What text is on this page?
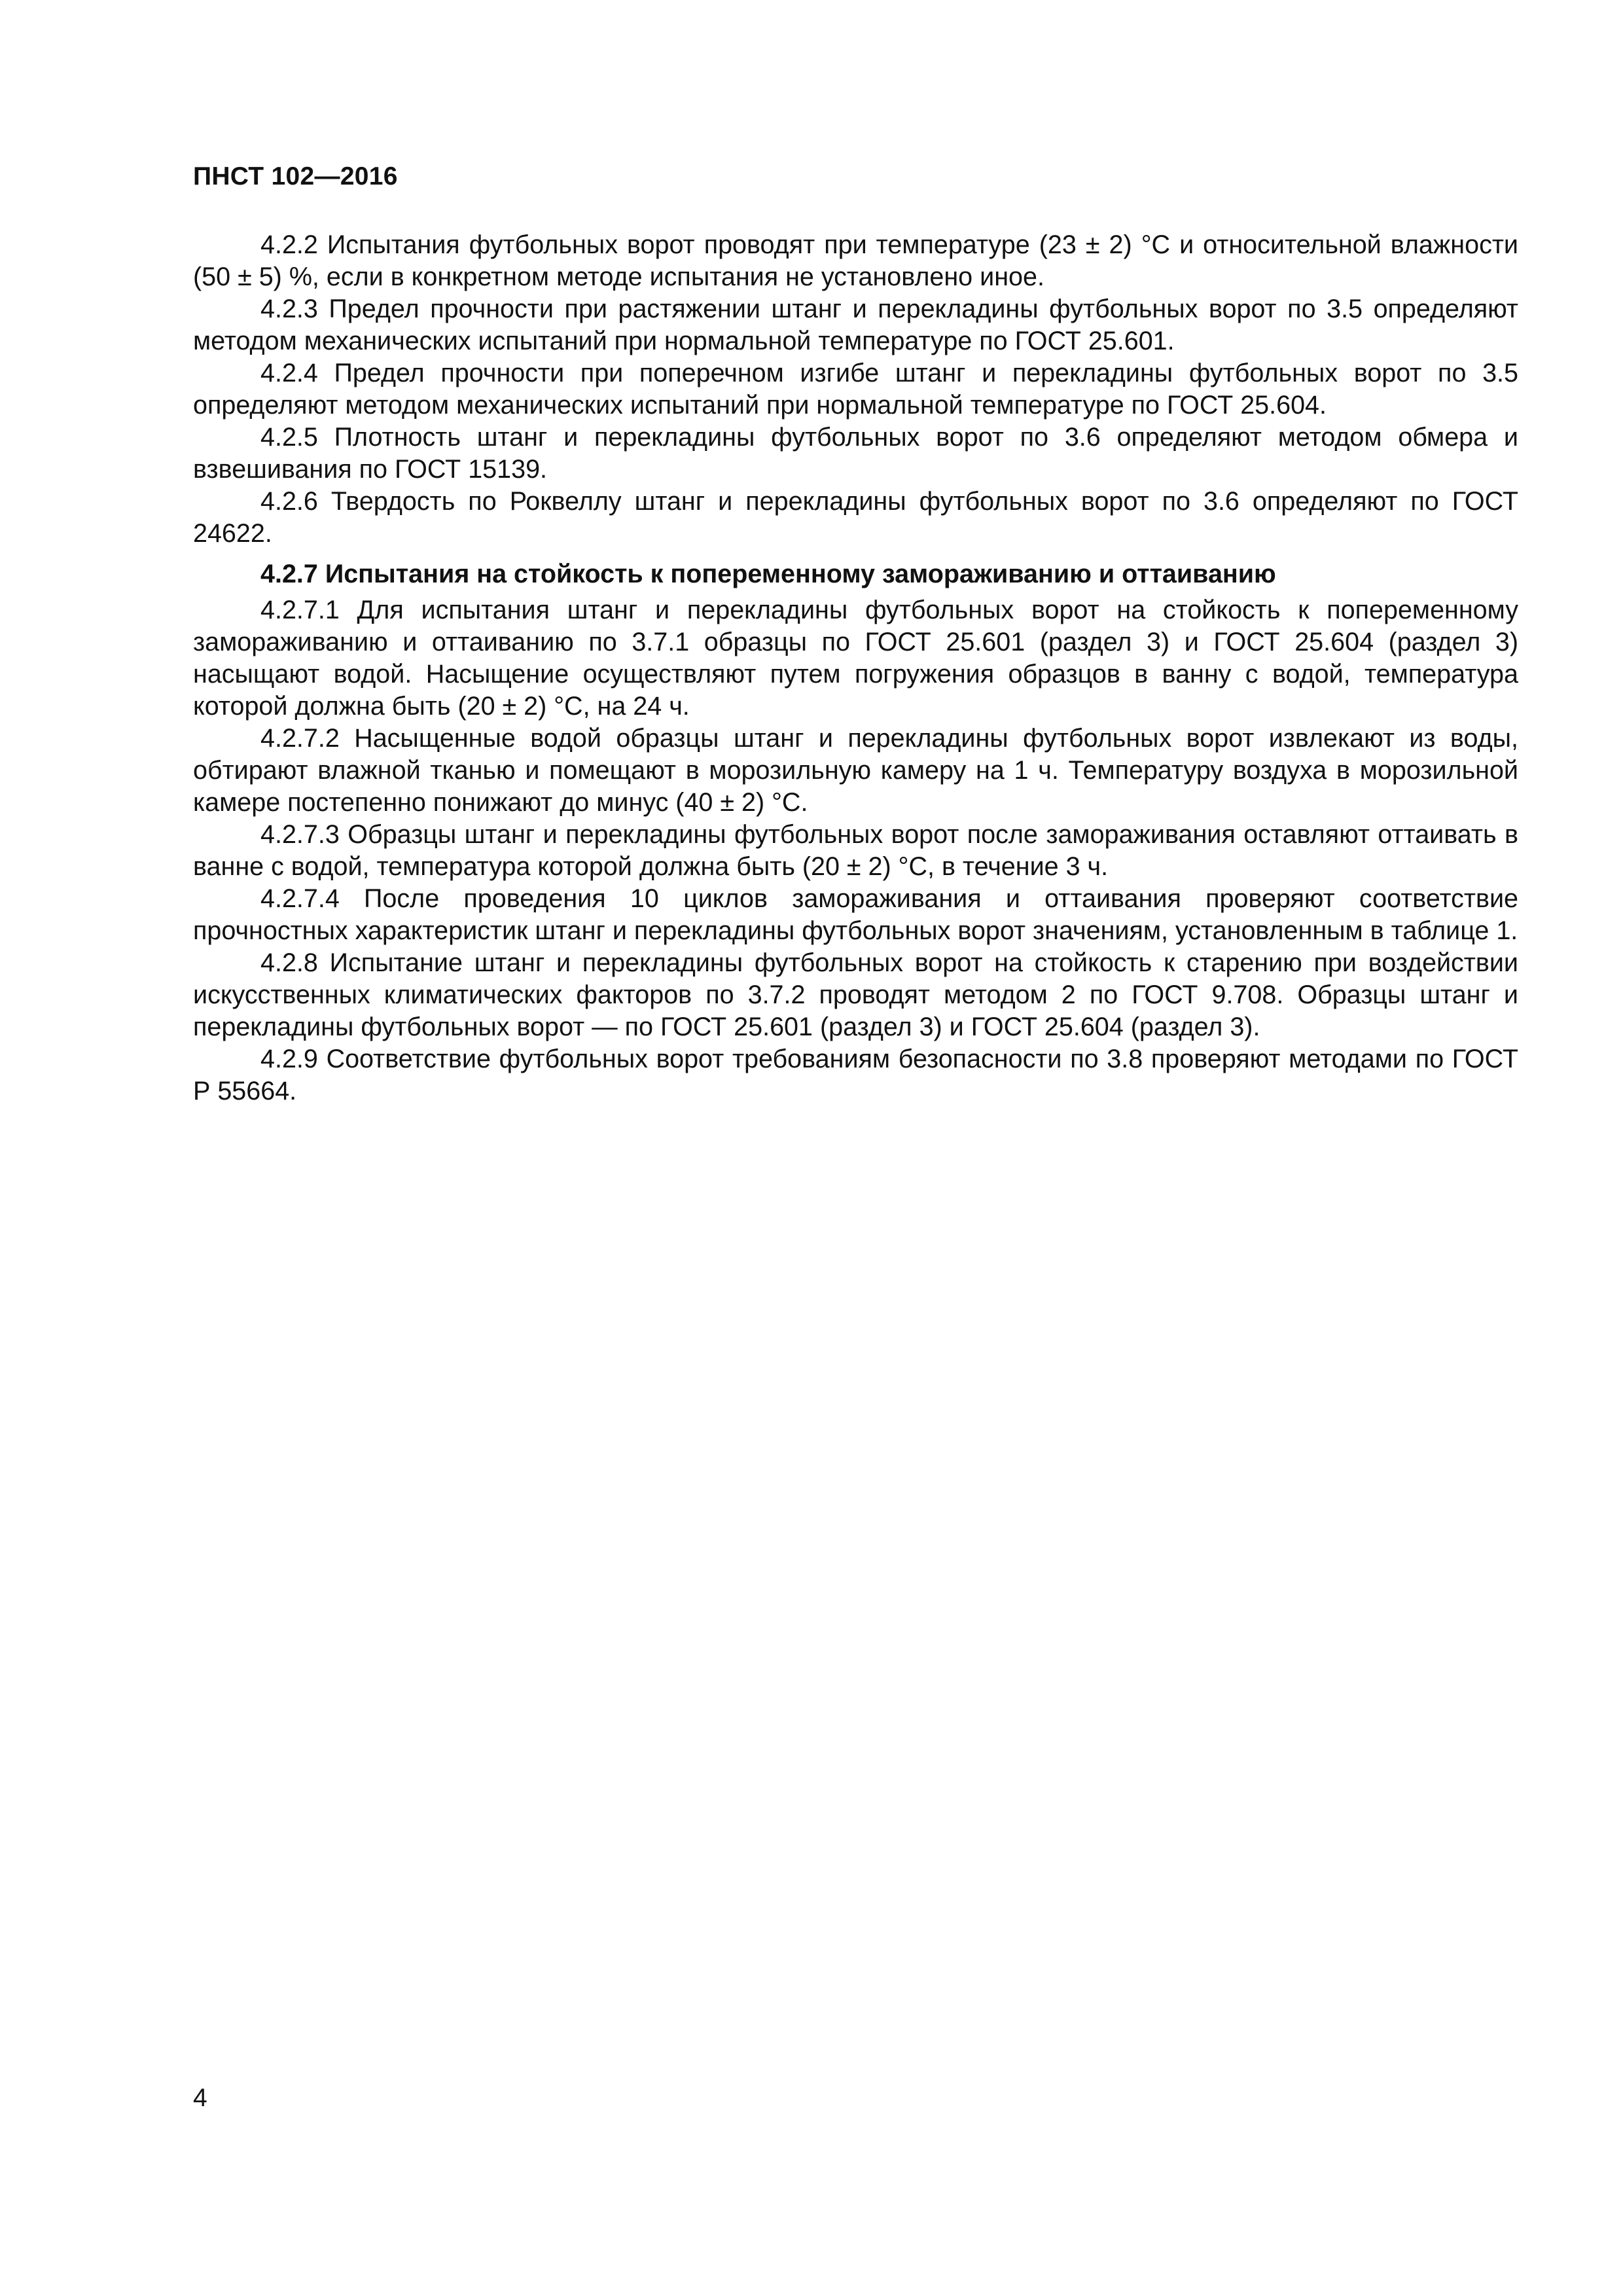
ПНСТ 102—2016

4.2.2 Испытания футбольных ворот проводят при температуре (23 ± 2) °С и относительной влажности (50 ± 5) %, если в конкретном методе испытания не установлено иное.

4.2.3 Предел прочности при растяжении штанг и перекладины футбольных ворот по 3.5 определяют методом механических испытаний при нормальной температуре по ГОСТ 25.601.

4.2.4 Предел прочности при поперечном изгибе штанг и перекладины футбольных ворот по 3.5 определяют методом механических испытаний при нормальной температуре по ГОСТ 25.604.

4.2.5 Плотность штанг и перекладины футбольных ворот по 3.6 определяют методом обмера и взвешивания по ГОСТ 15139.

4.2.6 Твердость по Роквеллу штанг и перекладины футбольных ворот по 3.6 определяют по ГОСТ 24622.

4.2.7 Испытания на стойкость к попеременному замораживанию и оттаиванию

4.2.7.1 Для испытания штанг и перекладины футбольных ворот на стойкость к попеременному замораживанию и оттаиванию по 3.7.1 образцы по ГОСТ 25.601 (раздел 3) и ГОСТ 25.604 (раздел 3) насыщают водой. Насыщение осуществляют путем погружения образцов в ванну с водой, температура которой должна быть (20 ± 2) °С, на 24 ч.

4.2.7.2 Насыщенные водой образцы штанг и перекладины футбольных ворот извлекают из воды, обтирают влажной тканью и помещают в морозильную камеру на 1 ч. Температуру воздуха в морозильной камере постепенно понижают до минус (40 ± 2) °С.

4.2.7.3 Образцы штанг и перекладины футбольных ворот после замораживания оставляют оттаивать в ванне с водой, температура которой должна быть (20 ± 2) °С, в течение 3 ч.

4.2.7.4 После проведения 10 циклов замораживания и оттаивания проверяют соответствие прочностных характеристик штанг и перекладины футбольных ворот значениям, установленным в таблице 1.

4.2.8 Испытание штанг и перекладины футбольных ворот на стойкость к старению при воздействии искусственных климатических факторов по 3.7.2 проводят методом 2 по ГОСТ 9.708. Образцы штанг и перекладины футбольных ворот — по ГОСТ 25.601 (раздел 3) и ГОСТ 25.604 (раздел 3).

4.2.9 Соответствие футбольных ворот требованиям безопасности по 3.8 проверяют методами по ГОСТ Р 55664.

4
